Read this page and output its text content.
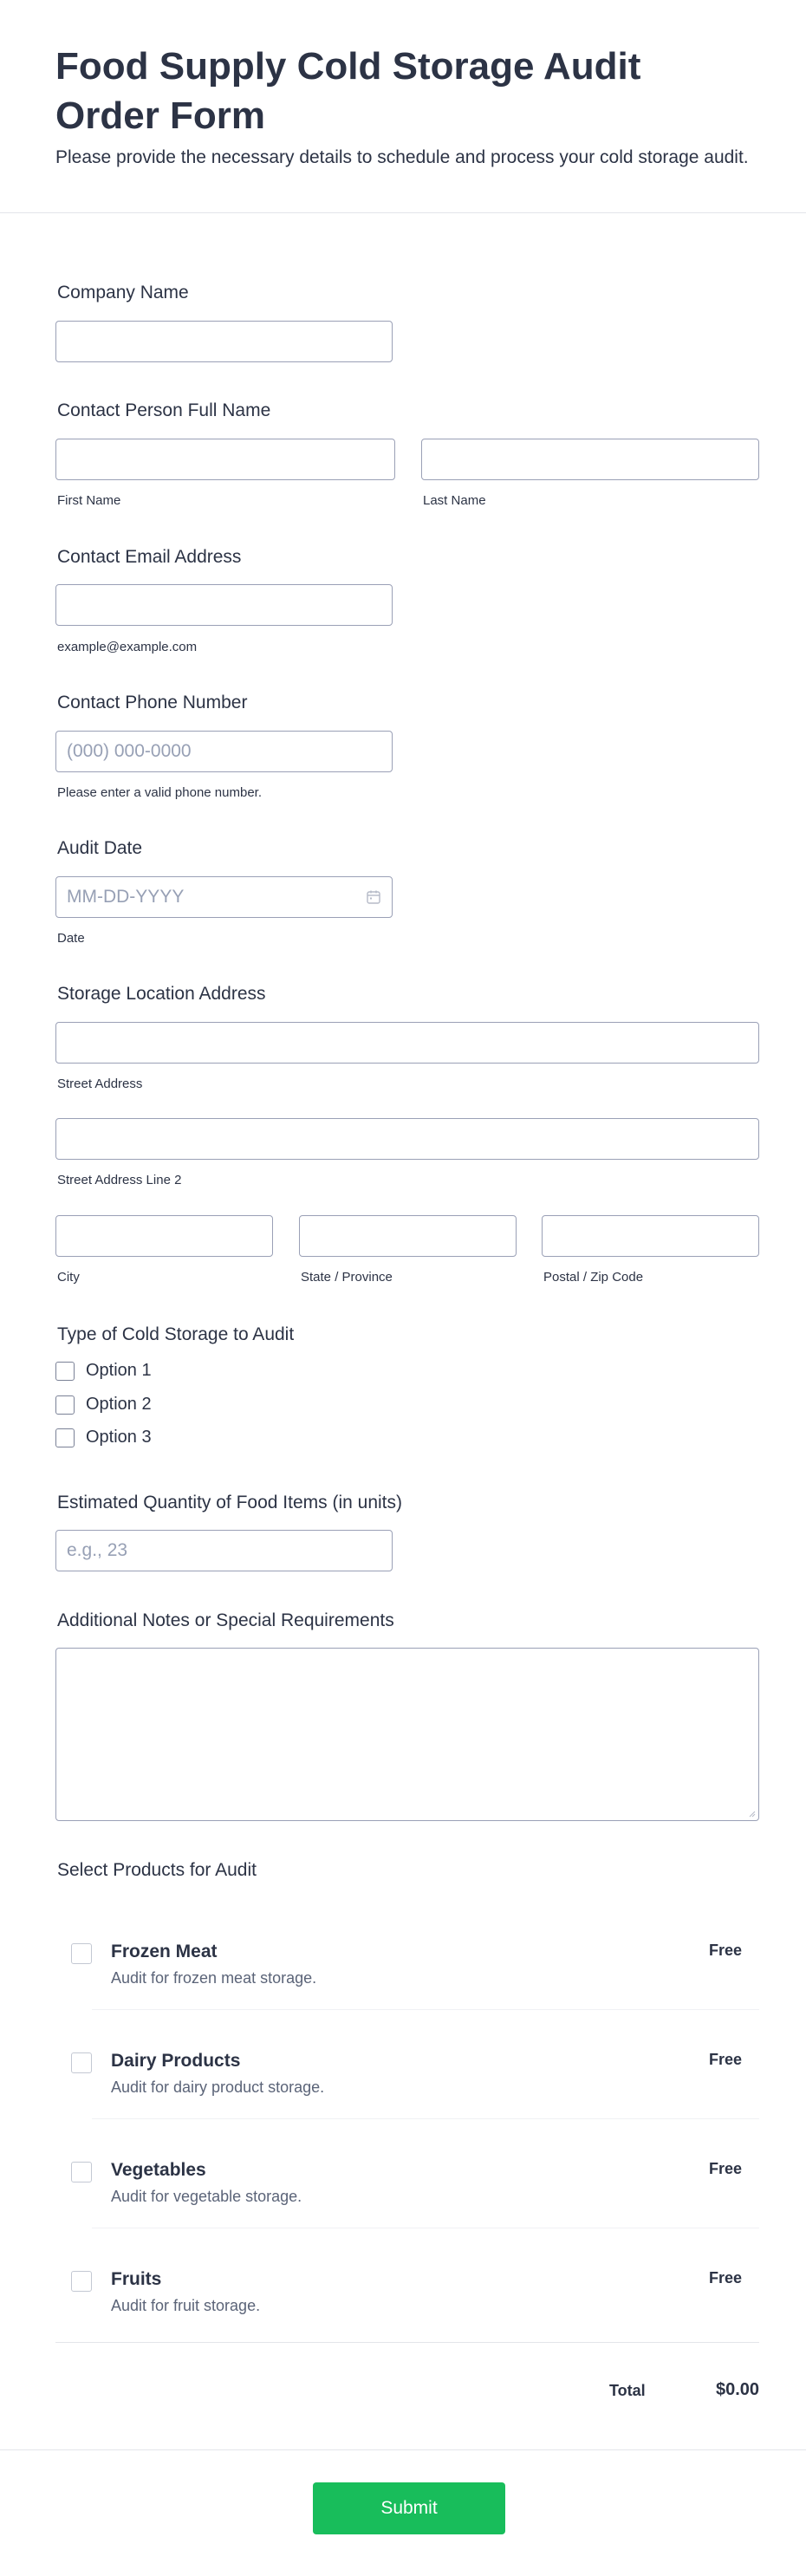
Food Supply Cold Storage Audit Order Form
Please provide the necessary details to schedule and process your cold storage audit.
Company Name
Contact Person Full Name
First Name	Last Name
Contact Email Address
example@example.com
Contact Phone Number
(000) 000-0000
Please enter a valid phone number.
Audit Date
MM-DD-YYYY
Date
Storage Location Address
Street Address
Street Address Line 2
City	State / Province	Postal / Zip Code
Type of Cold Storage to Audit
Option 1
Option 2
Option 3
Estimated Quantity of Food Items (in units)
e.g., 23
Additional Notes or Special Requirements
Select Products for Audit
Frozen Meat
Audit for frozen meat storage.
Free
Dairy Products
Audit for dairy product storage.
Free
Vegetables
Audit for vegetable storage.
Free
Fruits
Audit for fruit storage.
Free
Total	$0.00
Submit
